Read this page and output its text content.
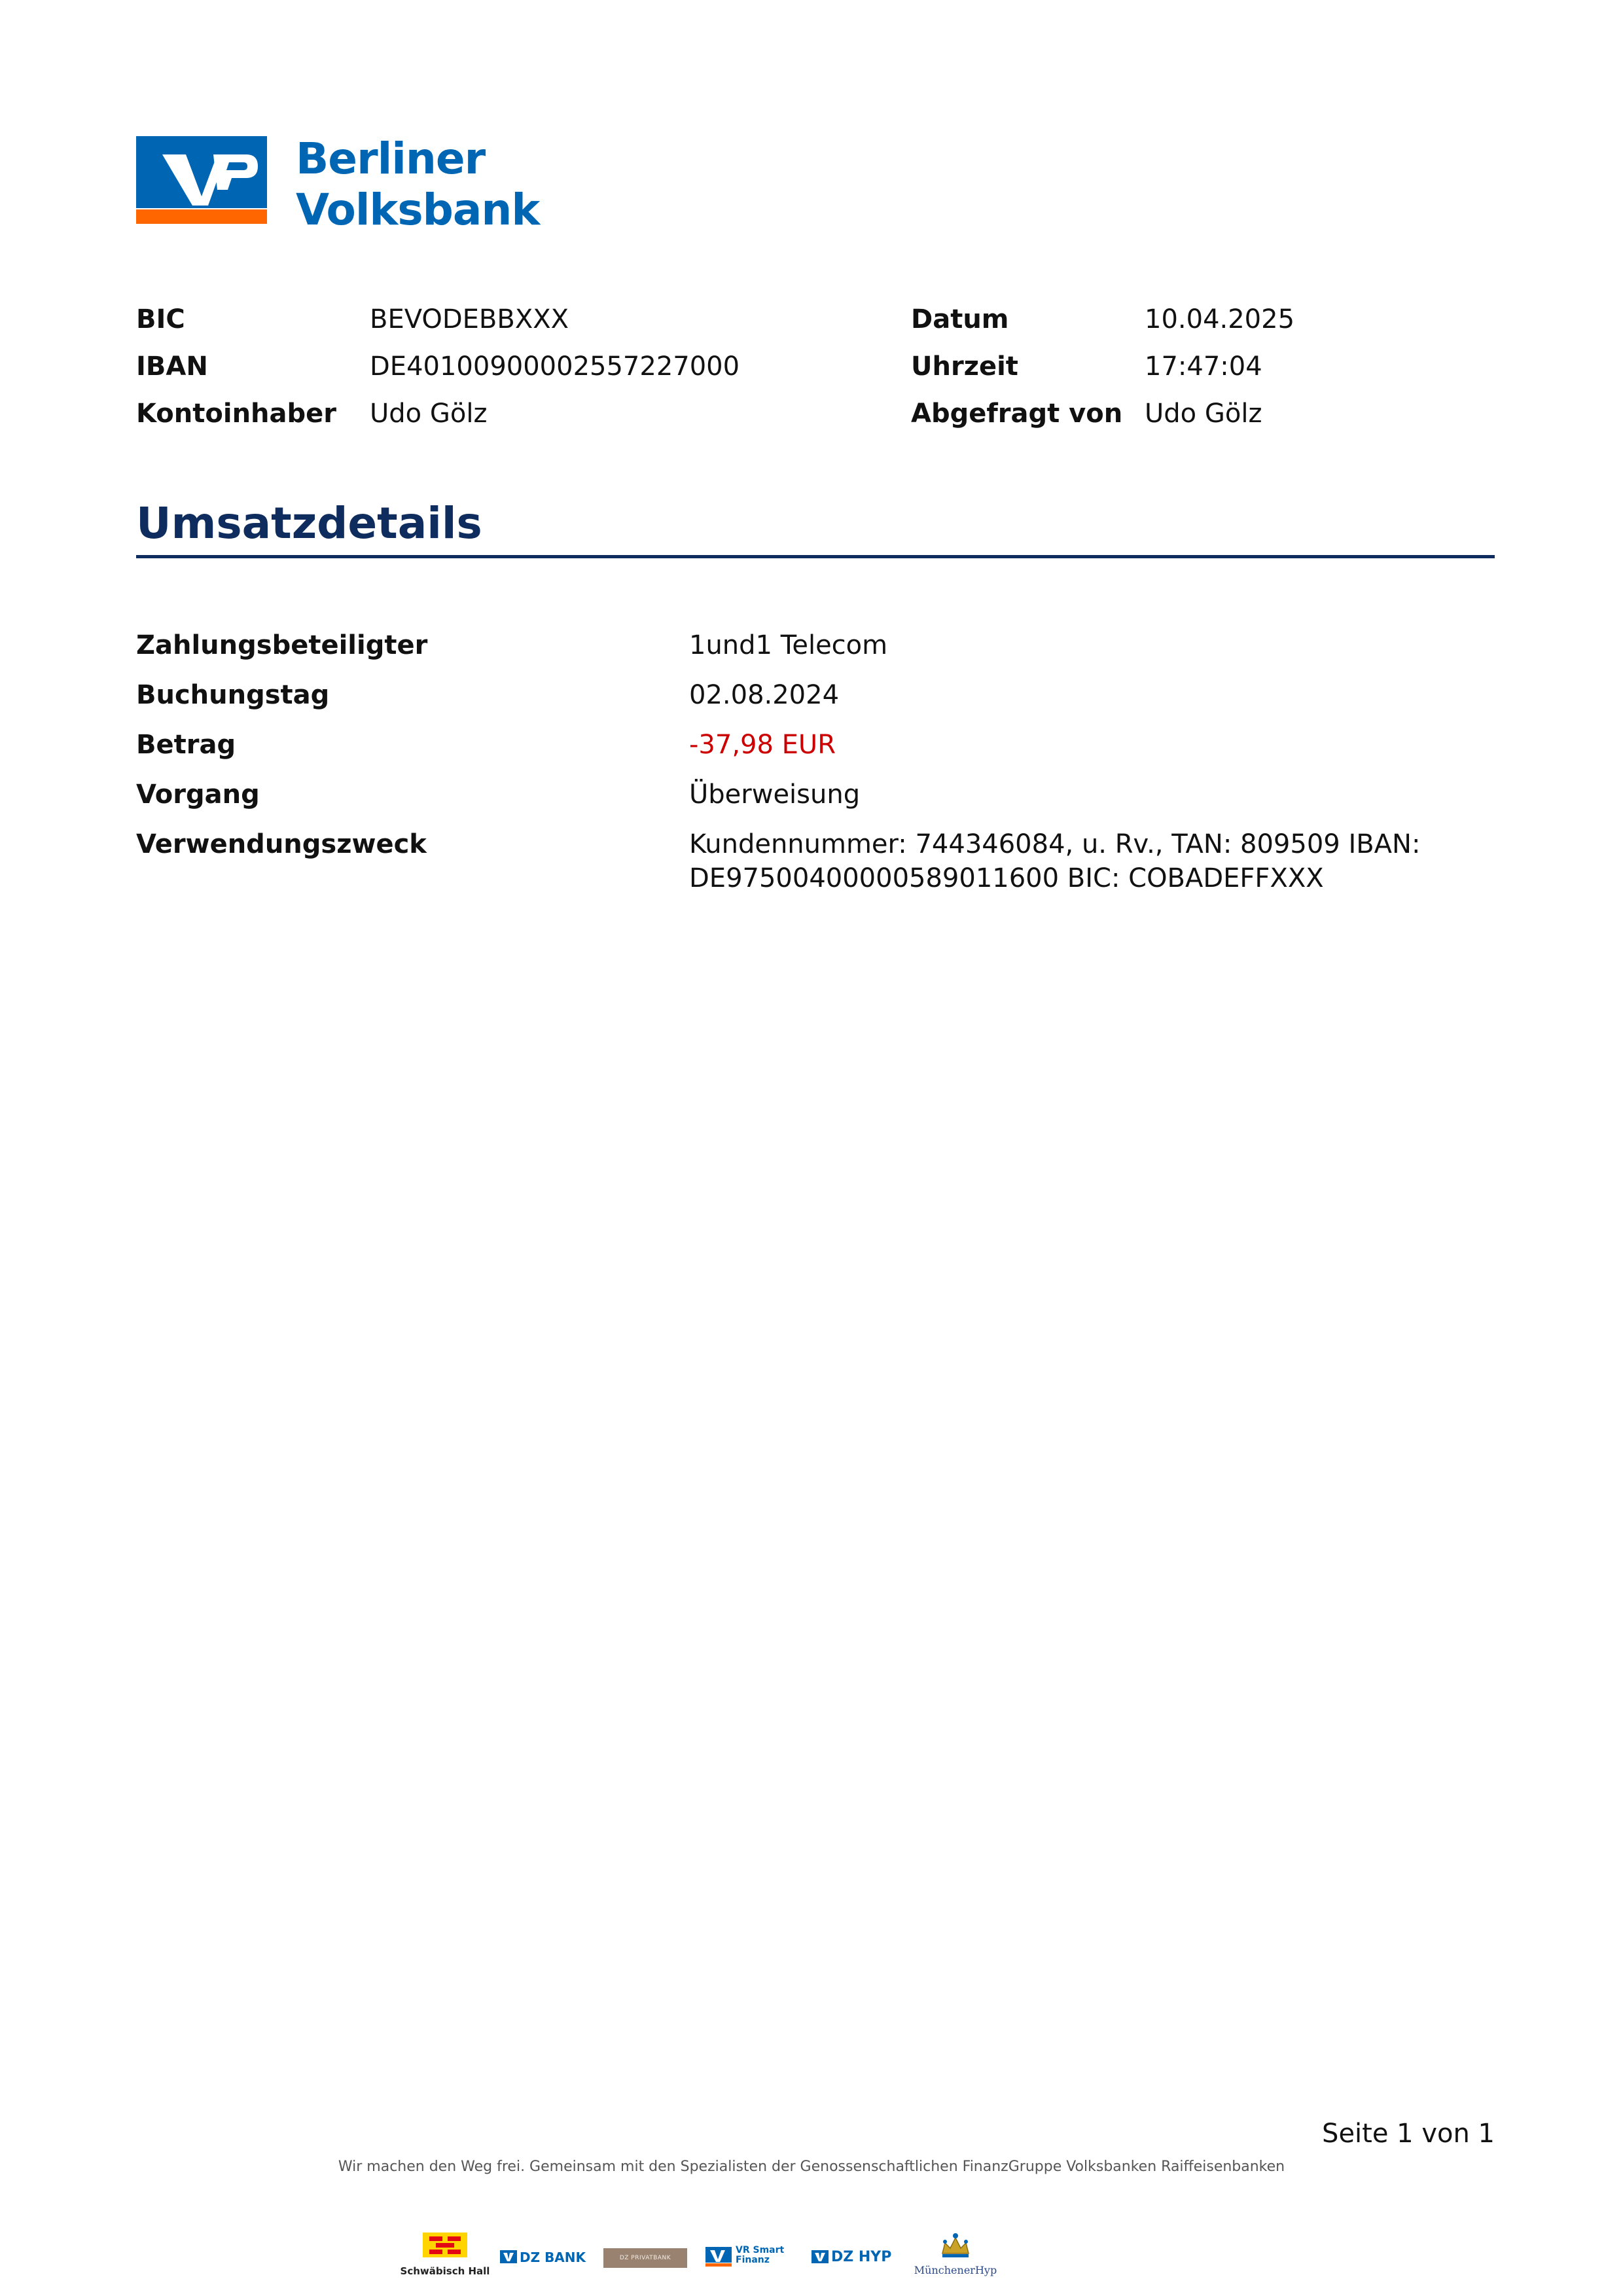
Berliner
Volksbank
BIC	BEVODEBBXXX
IBAN	DE40100900002557227000
Kontoinhaber	Udo Gölz
Datum	10.04.2025
Uhrzeit	17:47:04
Abgefragt von Udo Gölz
Umsatzdetails
Zahlungsbeteiligter	1und1 Telecom
Buchungstag	02.08.2024
Betrag	-37,98 EUR
Vorgang	Überweisung
Verwendungszweck	Kundennummer: 744346084, u. Rv., TAN: 809509 IBAN:
DE97500400000589011600 BIC: COBADEFFXXX
Seite 1 von 1
Wir machen den Weg frei. Gemeinsam mit den Spezialisten der Genossenschaftlichen FinanzGruppe Volksbanken Raiffeisenbanken
Schwäbisch Hall
DZ BANK	DZ PRIVATBANK
VR Smart Finanz	DZ HYP
MünchenerHyp
